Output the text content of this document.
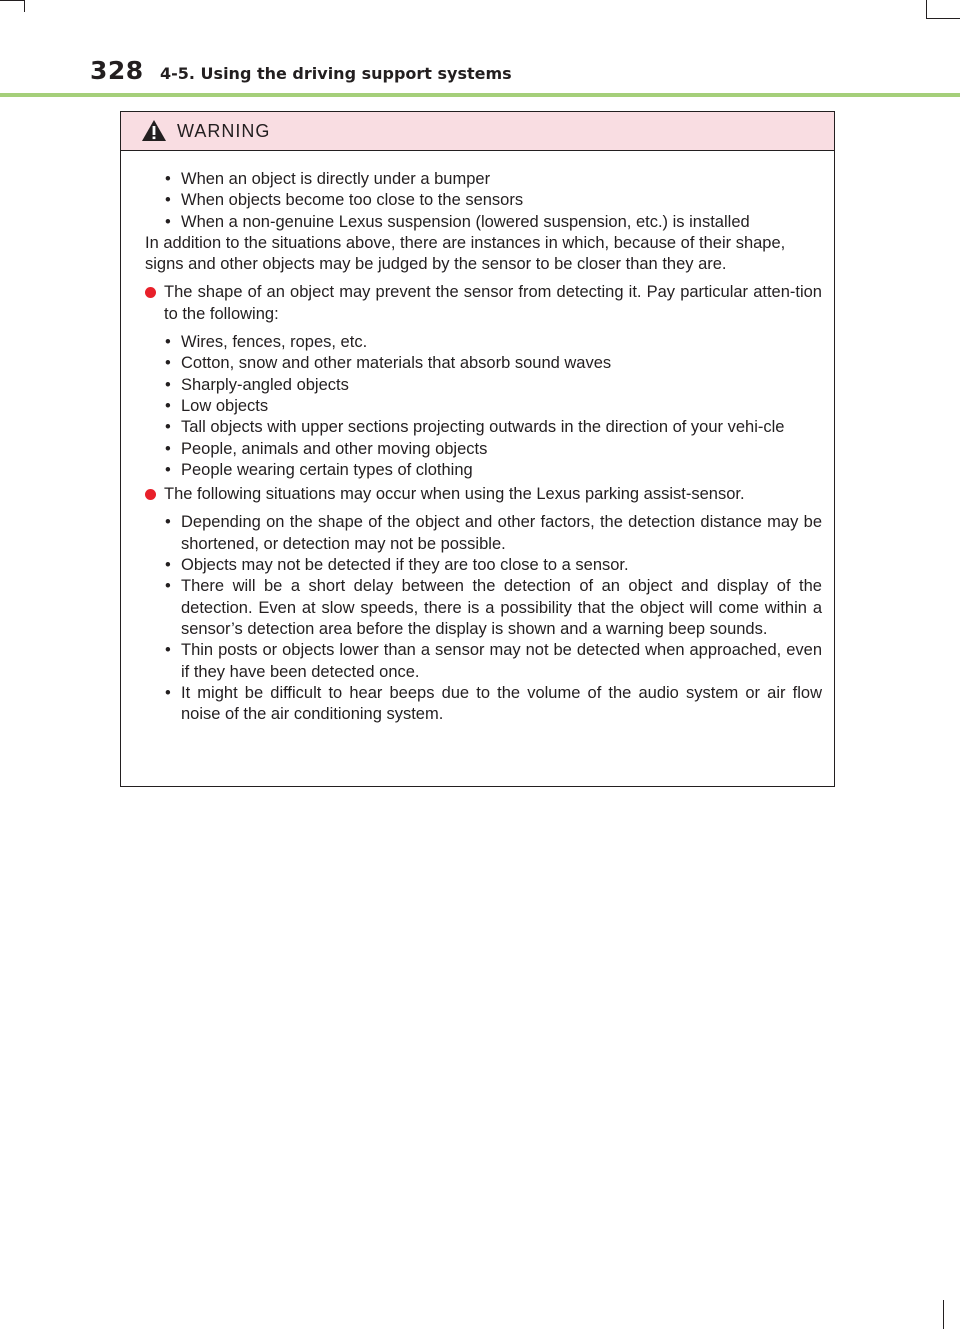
328 4-5. Using the driving support systems
WARNING
• When an object is directly under a bumper
• When objects become too close to the sensors
• When a non-genuine Lexus suspension (lowered suspension, etc.) is installed

In addition to the situations above, there are instances in which, because of their shape, signs and other objects may be judged by the sensor to be closer than they are.

The shape of an object may prevent the sensor from detecting it. Pay particular atten-tion to the following:
• Wires, fences, ropes, etc.
• Cotton, snow and other materials that absorb sound waves
• Sharply-angled objects
• Low objects
• Tall objects with upper sections projecting outwards in the direction of your vehi-cle
• People, animals and other moving objects
• People wearing certain types of clothing
The following situations may occur when using the Lexus parking assist-sensor.
• Depending on the shape of the object and other factors, the detection distance may be shortened, or detection may not be possible.
• Objects may not be detected if they are too close to a sensor.
• There will be a short delay between the detection of an object and display of the detection. Even at slow speeds, there is a possibility that the object will come within a sensor’s detection area before the display is shown and a warning beep sounds.
• Thin posts or objects lower than a sensor may not be detected when approached, even if they have been detected once.
• It might be difficult to hear beeps due to the volume of the audio system or air flow noise of the air conditioning system.
